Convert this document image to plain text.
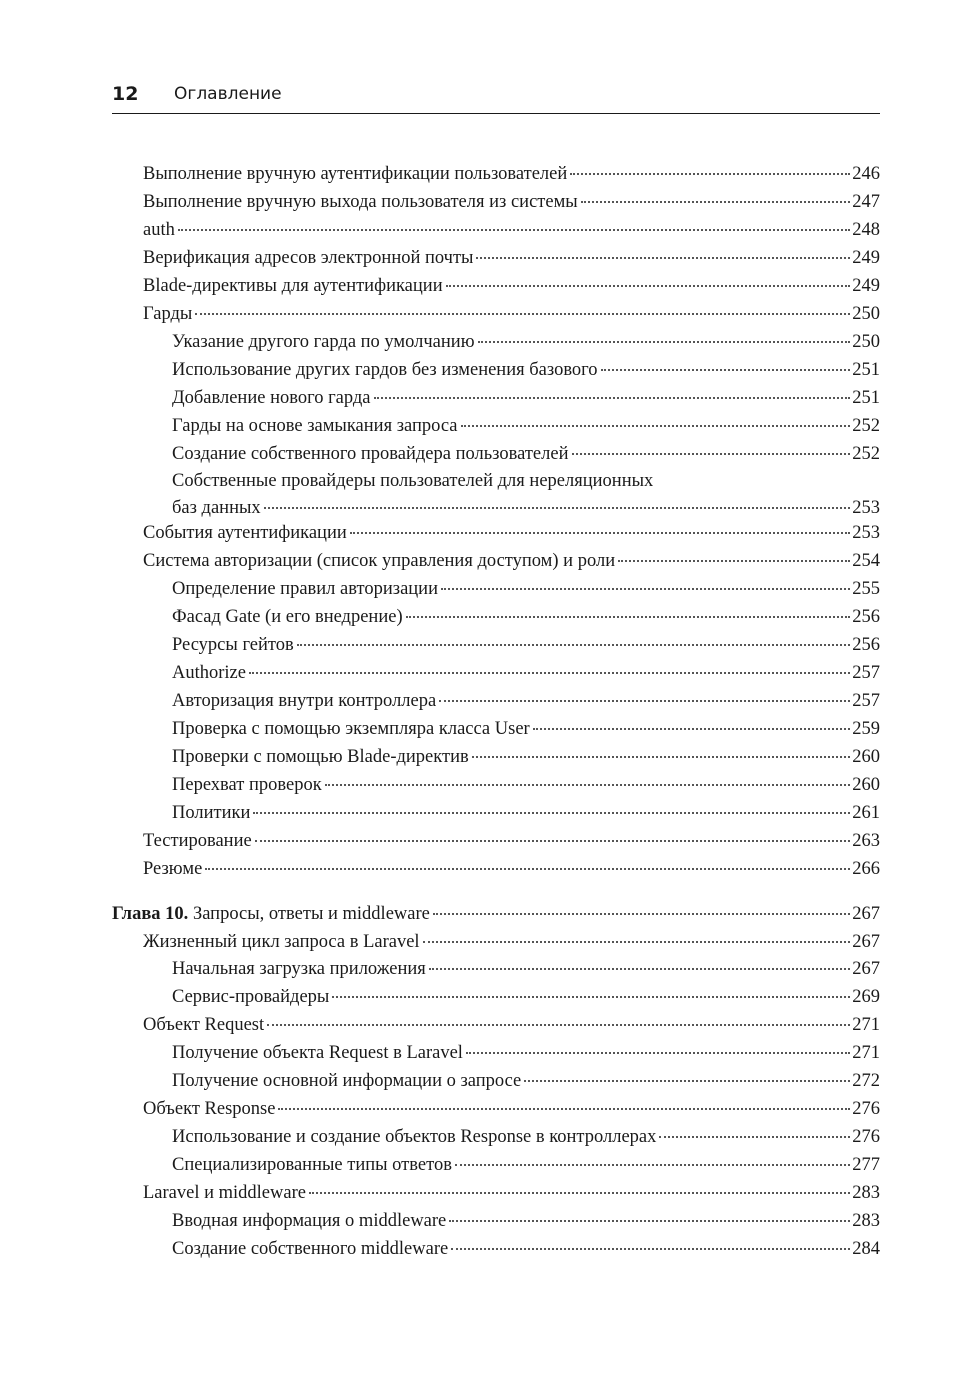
12 Оглавление
Выполнение вручную аутентификации пользователей	246
Выполнение вручную выхода пользователя из системы	247
auth	248
Верификация адресов электронной почты	249
Blade-директивы для аутентификации	249
Гарды	250
Указание другого гарда по умолчанию	250
Использование других гардов без изменения базового	251
Добавление нового гарда	251
Гарды на основе замыкания запроса	252
Создание собственного провайдера пользователей	252
Собственные провайдеры пользователей для нереляционных
баз данных	253
События аутентификации	253
Система авторизации (список управления доступом) и роли	254
Определение правил авторизации	255
Фасад Gate (и его внедрение)	256
Ресурсы гейтов	256
Authorize	257
Авторизация внутри контроллера	257
Проверка с помощью экземпляра класса User	259
Проверки с помощью Blade-директив	260
Перехват проверок	260
Политики	261
Тестирование	263
Резюме	266
Глава 10. Запросы, ответы и middleware	267
Жизненный цикл запроса в Laravel	267
Начальная загрузка приложения	267
Сервис-провайдеры	269
Объект Request	271
Получение объекта Request в Laravel	271
Получение основной информации о запросе	272
Объект Response	276
Использование и создание объектов Response в контроллерах	276
Специализированные типы ответов	277
Laravel и middleware	283
Вводная информация о middleware	283
Создание собственного middleware	284
